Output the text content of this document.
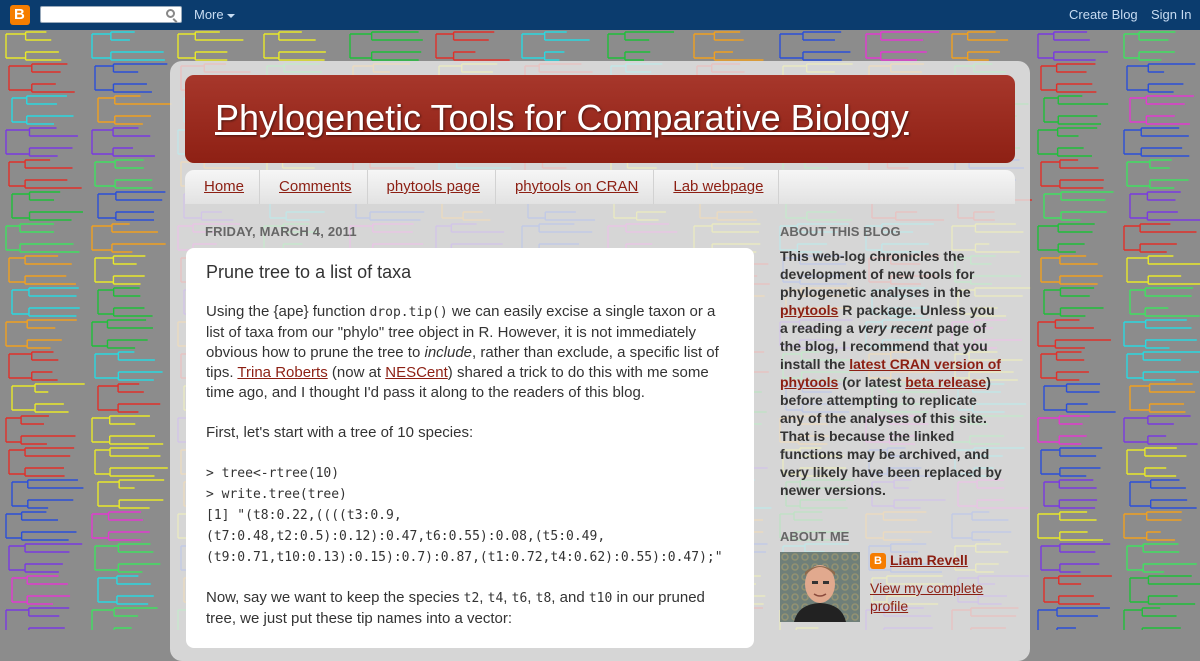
B	More	Create Blog Sign In
Phylogenetic Tools for Comparative Biology
Home	Comments	phytools page	phytools on CRAN	Lab webpage
FRIDAY, MARCH 4, 2011
Prune tree to a list of taxa

Using the {ape} function drop.tip() we can easily excise a single taxon or a list of taxa from our "phylo" tree object in R. However, it is not immediately obvious how to prune the tree to include, rather than exclude, a specific list of tips. Trina Roberts (now at NESCent) shared a trick to do this with me some time ago, and I thought I'd pass it along to the readers of this blog.

First, let's start with a tree of 10 species:

> tree<-rtree(10)
> write.tree(tree)
[1] "(t8:0.22,((((t3:0.9,
(t7:0.48,t2:0.5):0.12):0.47,t6:0.55):0.08,(t5:0.49,
(t9:0.71,t10:0.13):0.15):0.7):0.87,(t1:0.72,t4:0.62):0.55):0.47);"

Now, say we want to keep the species t2, t4, t6, t8, and t10 in our pruned tree, we just put these tip names into a vector:

ABOUT THIS BLOG
This web-log chronicles the development of new tools for phylogenetic analyses in the phytools R package. Unless you a reading a very recent page of the blog, I recommend that you install the latest CRAN version of phytools (or latest beta release) before attempting to replicate any of the analyses of this site. That is because the linked functions may be archived, and very likely have been replaced by newer versions.
ABOUT ME
B Liam Revell
View my complete profile
